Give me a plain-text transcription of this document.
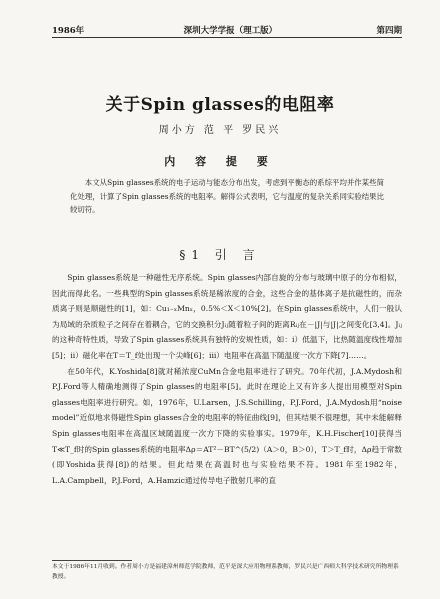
1986年	深圳大学学报（理工版）	第四期
关于Spin glasses的电阻率
周小方 范 平 罗民兴
内 容 提 要

本文从Spin glasses系统的电子运动与能态分布出发，考虑到平衡态的系综平均并作某些简化处理，计算了Spin glasses系统的电阻率。解得公式表明，它与温度的复杂关系同实验结果比较切符。

§1 引 言

Spin glasses系统是一种磁性无序系统。Spin glasses内部自旋的分布与玻璃中原子的分布相似，因此而得此名。一些典型的Spin glasses系统是稀浓度的合金，这些合金的基体离子是抗磁性的，而杂质离子则是顺磁性的[1]，如：Cu₁₋ₓMnₓ，0.5%＜X＜10%[2]。在Spin glasses系统中，人们一般认为局域的杂质粒子之间存在着耦合，它的交换积分Jᵢⱼ随着粒子间的距离Rᵢⱼ在－|J|与|J|之间变化[3,4]。Jᵢⱼ的这种奇特性质，导致了Spin glasses系统具有独特的安规性质，如：i）低温下，比热随温度线性增加[5]；ii）磁化率在T＝T_f处出现一个尖峰[6]；iii）电阻率在高温下随温度一次方下降[7]……。

在50年代，K.Yoshida[8]就对稀浓度CuMn合金电阻率进行了研究。70年代初，J.A.Mydosh和P.J.Ford等人精确地测得了Spin glasses的电阻率[5]。此时在理论上又有许多人提出用模型对Spin glasses电阻率进行研究。如，1976年，U.Larsen，J.S.Schilling，P.J.Ford，J.A.Mydosh用“noise model”近似地求得磁性Spin glasses合金的电阻率的特征曲线[9]，但其结果不很理想，其中未能解释Spin glasses电阻率在高温区域随温度一次方下降的实验事实。1979年，K.H.Fischer[10]获得当T≪T_f时的Spin glasses系统的电阻率Δρ＝AT²－BT^(5/2)（A＞0，B＞0），T＞T_f时，Δρ趋于常数(即Yoshida获得[8])的结果。但此结果在高温时也与实验结果不符。1981年至1982年，L.A.Campbell，P.J.Ford，A.Hamzic通过传导电子散射几率的直

本文于1986年11月收到。作者周小方是福建漳州师范学院教师，范平是深大应用物理系教师，罗民兴是广西师大科学技术研究所物理系教授。
